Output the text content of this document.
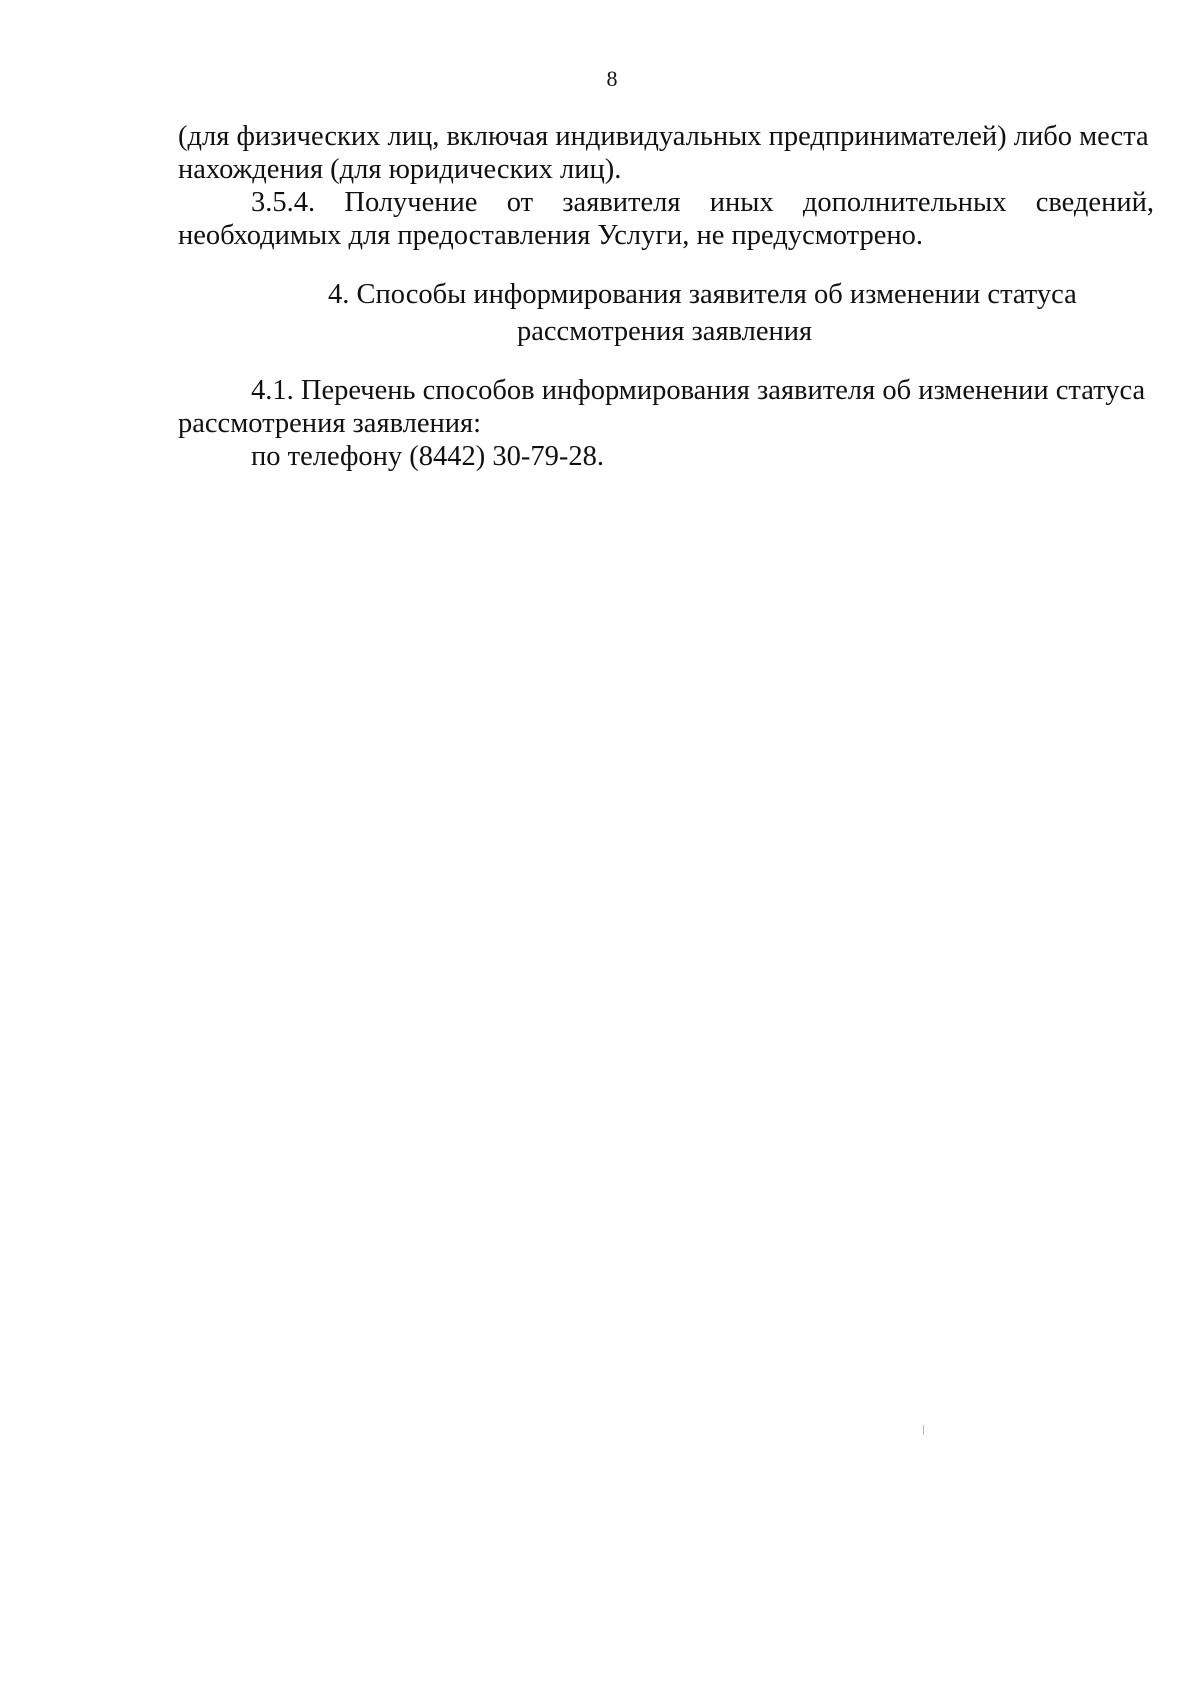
8
(для физических лиц, включая индивидуальных предпринимателей) либо места
нахождения (для юридических лиц).
3.5.4. Получение от заявителя иных дополнительных сведений,
необходимых для предоставления Услуги, не предусмотрено.
4. Способы информирования заявителя об изменении статуса
рассмотрения заявления
4.1. Перечень способов информирования заявителя об изменении статуса
рассмотрения заявления:
по телефону (8442) 30-79-28.
